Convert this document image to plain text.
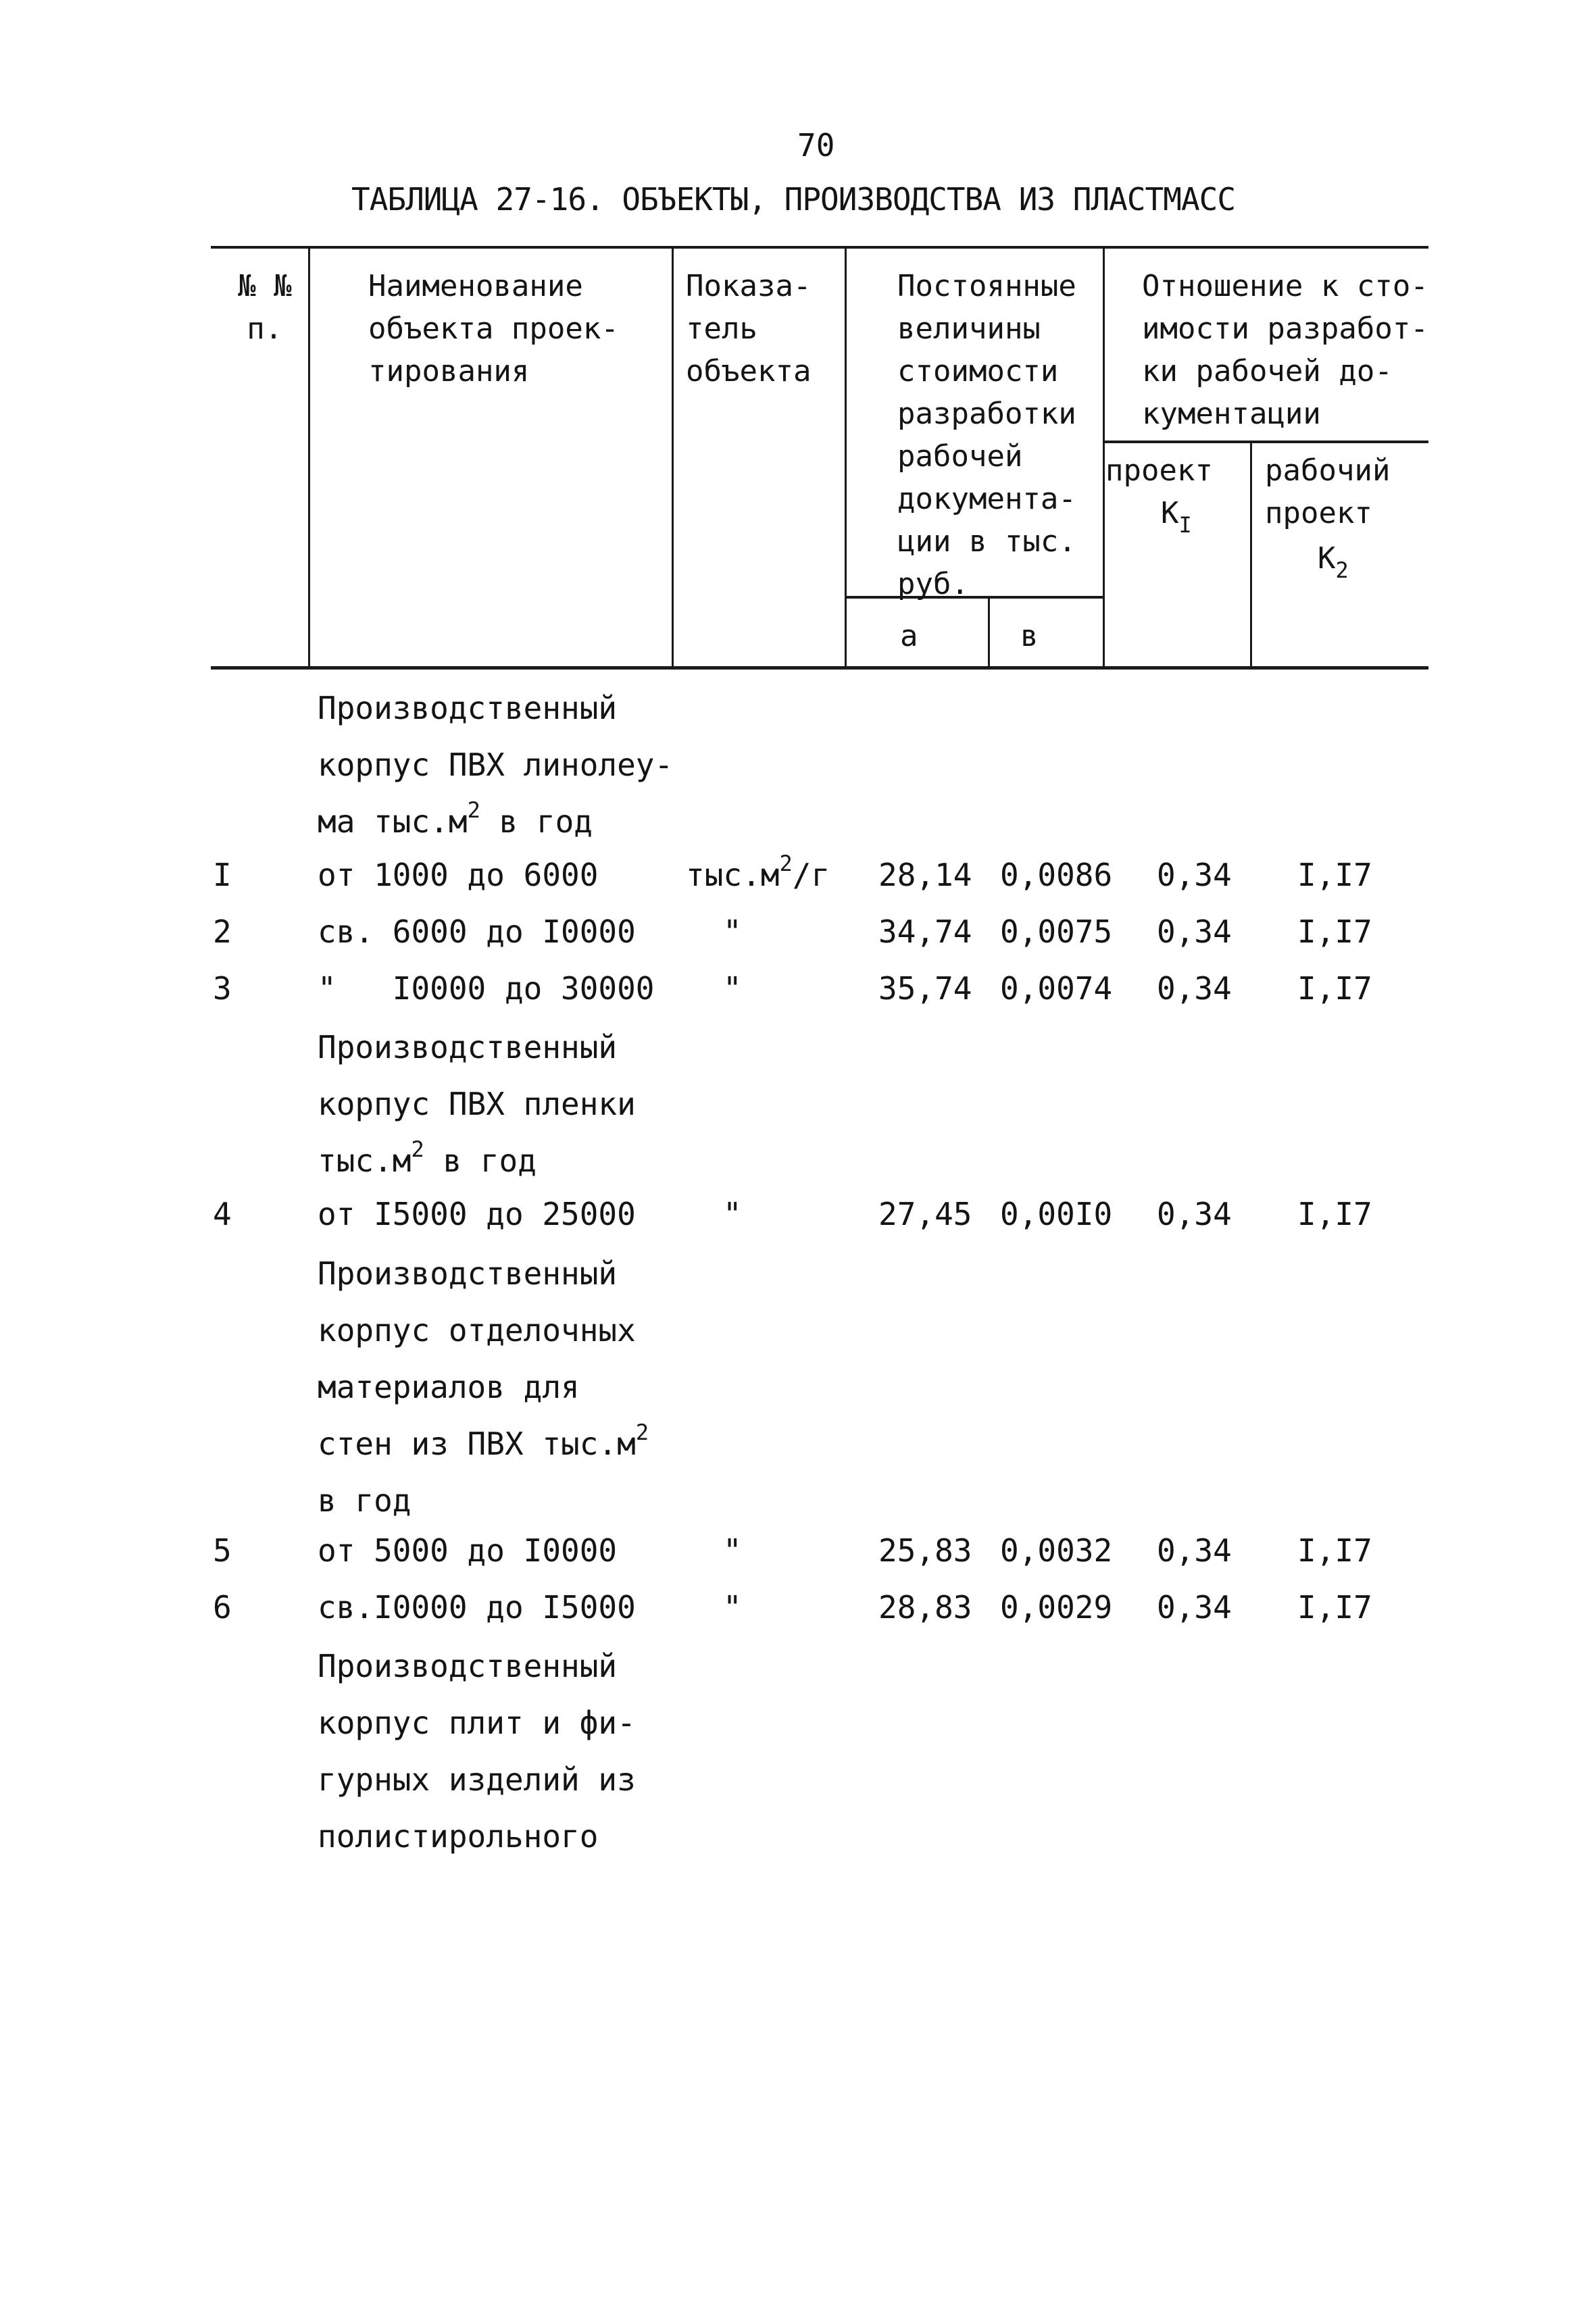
70
ТАБЛИЦА 27-16. ОБЪЕКТЫ, ПРОИЗВОДСТВА ИЗ ПЛАСТМАСС
№ №
п.
Наименование
объекта проек-
тирования
Показа-
тель
объекта
Постоянные
величины
стоимости
разработки
рабочей
документа-
ции в тыс.
руб.
а	в
Отношение к сто-
имости разработ-
ки рабочей до-
кументации
проект
$К_I$
рабочий
проект
$К_2$
Производственный
корпус ПВХ линолеу-
ма $тыс.м^2$ в год
I	от 1000 до 6000	$тыс.м^2/г$ 28,14 0,0086 0,34 I,I7
2	св. 6000 до I0000	"	34,74 0,0075 0,34 I,I7
3	"   I0000 до 30000 "	35,74 0,0074 0,34 I,I7
Производственный
корпус ПВХ пленки
$тыс.м^2$ в год
4	от I5000 до 25000	"	27,45 0,00I0 0,34 I,I7
Производственный
корпус отделочных
материалов для
стен из ПВХ $тыс.м^2$
в год
5	от 5000 до I0000	"	25,83 0,0032 0,34 I,I7
6	св.I0000 до I5000	"	28,83 0,0029 0,34 I,I7
Производственный
корпус плит и фи-
гурных изделий из
полистирольного
